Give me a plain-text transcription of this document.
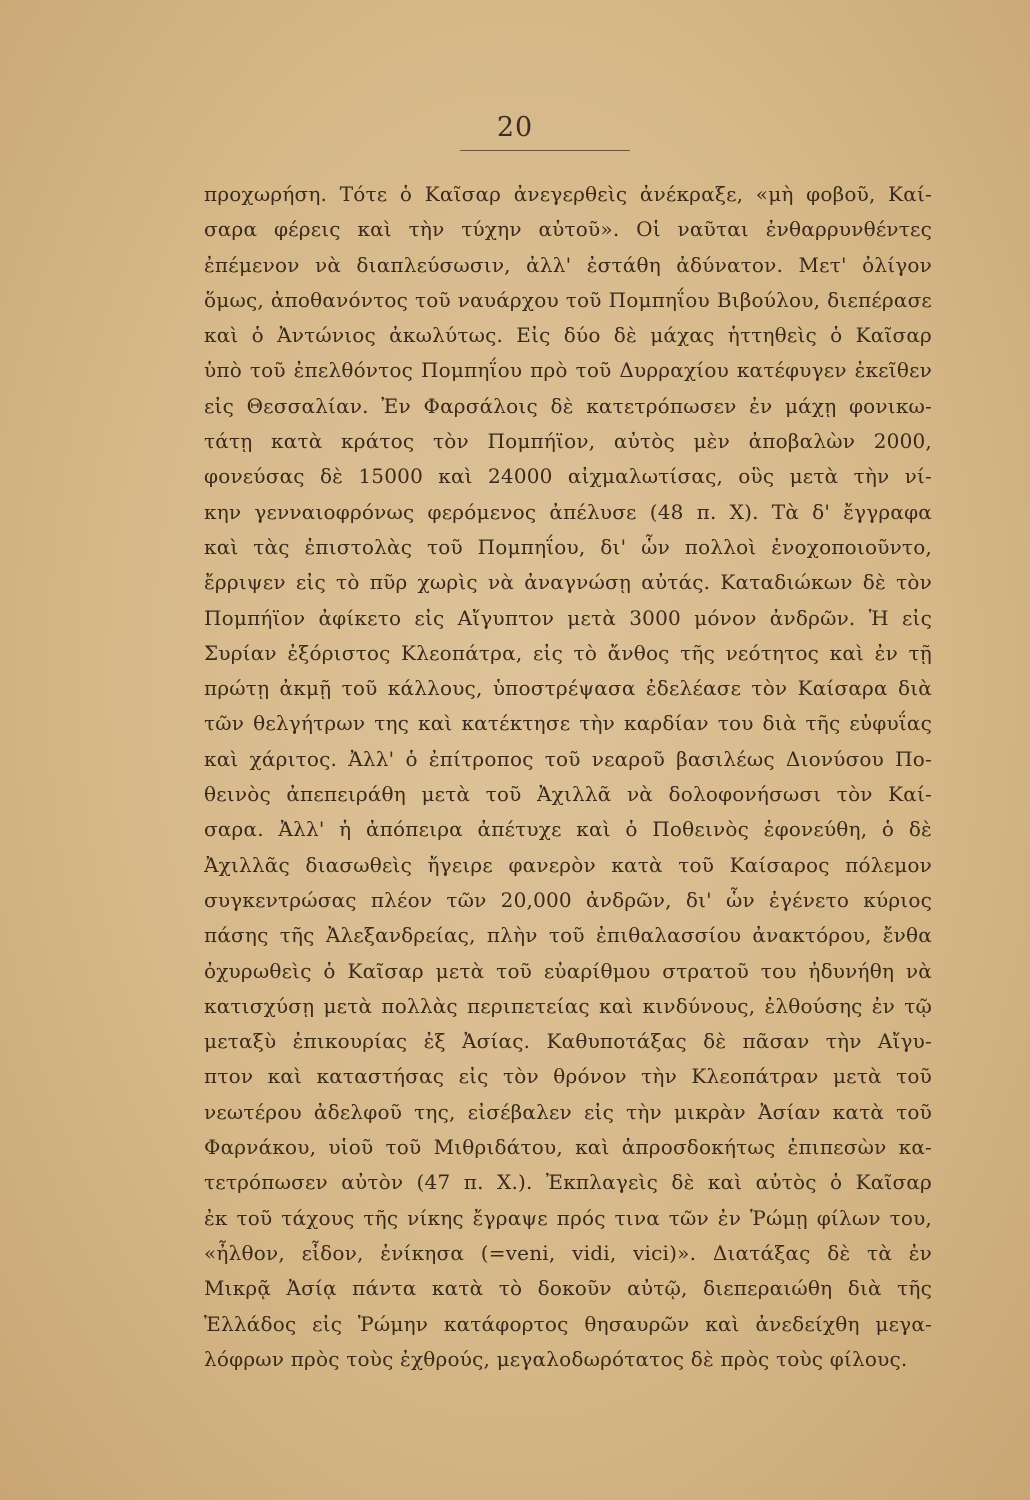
20
προχωρήση. Τότε ὁ Καῖσαρ ἀνεγερθεὶς ἀνέκραξε, «μὴ φοβοῦ, Καί-
σαρα φέρεις καὶ τὴν τύχην αὐτοῦ». Οἱ ναῦται ἐνθαρρυνθέντες
ἐπέμενον νὰ διαπλεύσωσιν, ἀλλ' ἐστάθη ἀδύνατον. Μετ' ὀλίγον
ὅμως, ἀποθανόντος τοῦ ναυάρχου τοῦ Πομπηΐου Βιβούλου, διεπέρασε
καὶ ὁ Ἀντώνιος ἀκωλύτως. Εἰς δύο δὲ μάχας ἡττηθεὶς ὁ Καῖσαρ
ὑπὸ τοῦ ἐπελθόντος Πομπηΐου πρὸ τοῦ Δυρραχίου κατέφυγεν ἐκεῖθεν
εἰς Θεσσαλίαν. Ἐν Φαρσάλοις δὲ κατετρόπωσεν ἐν μάχῃ φονικω-
τάτῃ κατὰ κράτος τὸν Πομπήϊον, αὐτὸς μὲν ἀποβαλὼν 2000,
φονεύσας δὲ 15000 καὶ 24000 αἰχμαλωτίσας, οὓς μετὰ τὴν νί-
κην γενναιοφρόνως φερόμενος ἀπέλυσε (48 π. Χ). Τὰ δ' ἔγγραφα
καὶ τὰς ἐπιστολὰς τοῦ Πομπηΐου, δι' ὧν πολλοὶ ἐνοχοποιοῦντο,
ἔρριψεν εἰς τὸ πῦρ χωρὶς νὰ ἀναγνώσῃ αὐτάς. Καταδιώκων δὲ τὸν
Πομπήϊον ἀφίκετο εἰς Αἴγυπτον μετὰ 3000 μόνον ἀνδρῶν. Ἡ εἰς
Συρίαν ἐξόριστος Κλεοπάτρα, εἰς τὸ ἄνθος τῆς νεότητος καὶ ἐν τῇ
πρώτῃ ἀκμῇ τοῦ κάλλους, ὑποστρέψασα ἐδελέασε τὸν Καίσαρα διὰ
τῶν θελγήτρων της καὶ κατέκτησε τὴν καρδίαν του διὰ τῆς εὐφυΐας
καὶ χάριτος. Ἀλλ' ὁ ἐπίτροπος τοῦ νεαροῦ βασιλέως Διονύσου Πο-
θεινὸς ἀπεπειράθη μετὰ τοῦ Ἀχιλλᾶ νὰ δολοφονήσωσι τὸν Καί-
σαρα. Ἀλλ' ἡ ἀπόπειρα ἀπέτυχε καὶ ὁ Ποθεινὸς ἐφονεύθη, ὁ δὲ
Ἀχιλλᾶς διασωθεὶς ἤγειρε φανερὸν κατὰ τοῦ Καίσαρος πόλεμον
συγκεντρώσας πλέον τῶν 20,000 ἀνδρῶν, δι' ὧν ἐγένετο κύριος
πάσης τῆς Ἀλεξανδρείας, πλὴν τοῦ ἐπιθαλασσίου ἀνακτόρου, ἔνθα
ὀχυρωθεὶς ὁ Καῖσαρ μετὰ τοῦ εὐαρίθμου στρατοῦ του ἠδυνήθη νὰ
κατισχύσῃ μετὰ πολλὰς περιπετείας καὶ κινδύνους, ἐλθούσης ἐν τῷ
μεταξὺ ἐπικουρίας ἐξ Ἀσίας. Καθυποτάξας δὲ πᾶσαν τὴν Αἴγυ-
πτον καὶ καταστήσας εἰς τὸν θρόνον τὴν Κλεοπάτραν μετὰ τοῦ
νεωτέρου ἀδελφοῦ της, εἰσέβαλεν εἰς τὴν μικρὰν Ἀσίαν κατὰ τοῦ
Φαρνάκου, υἱοῦ τοῦ Μιθριδάτου, καὶ ἀπροσδοκήτως ἐπιπεσὼν κα-
τετρόπωσεν αὐτὸν (47 π. Χ.). Ἐκπλαγεὶς δὲ καὶ αὐτὸς ὁ Καῖσαρ
ἐκ τοῦ τάχους τῆς νίκης ἔγραψε πρός τινα τῶν ἐν Ῥώμῃ φίλων του,
«ἦλθον, εἶδον, ἐνίκησα (=veni, vidi, vici)». Διατάξας δὲ τὰ ἐν
Μικρᾷ Ἀσίᾳ πάντα κατὰ τὸ δοκοῦν αὐτῷ, διεπεραιώθη διὰ τῆς
Ἑλλάδος εἰς Ῥώμην κατάφορτος θησαυρῶν καὶ ἀνεδείχθη μεγα-
λόφρων πρὸς τοὺς ἐχθρούς, μεγαλοδωρότατος δὲ πρὸς τοὺς φίλους.
